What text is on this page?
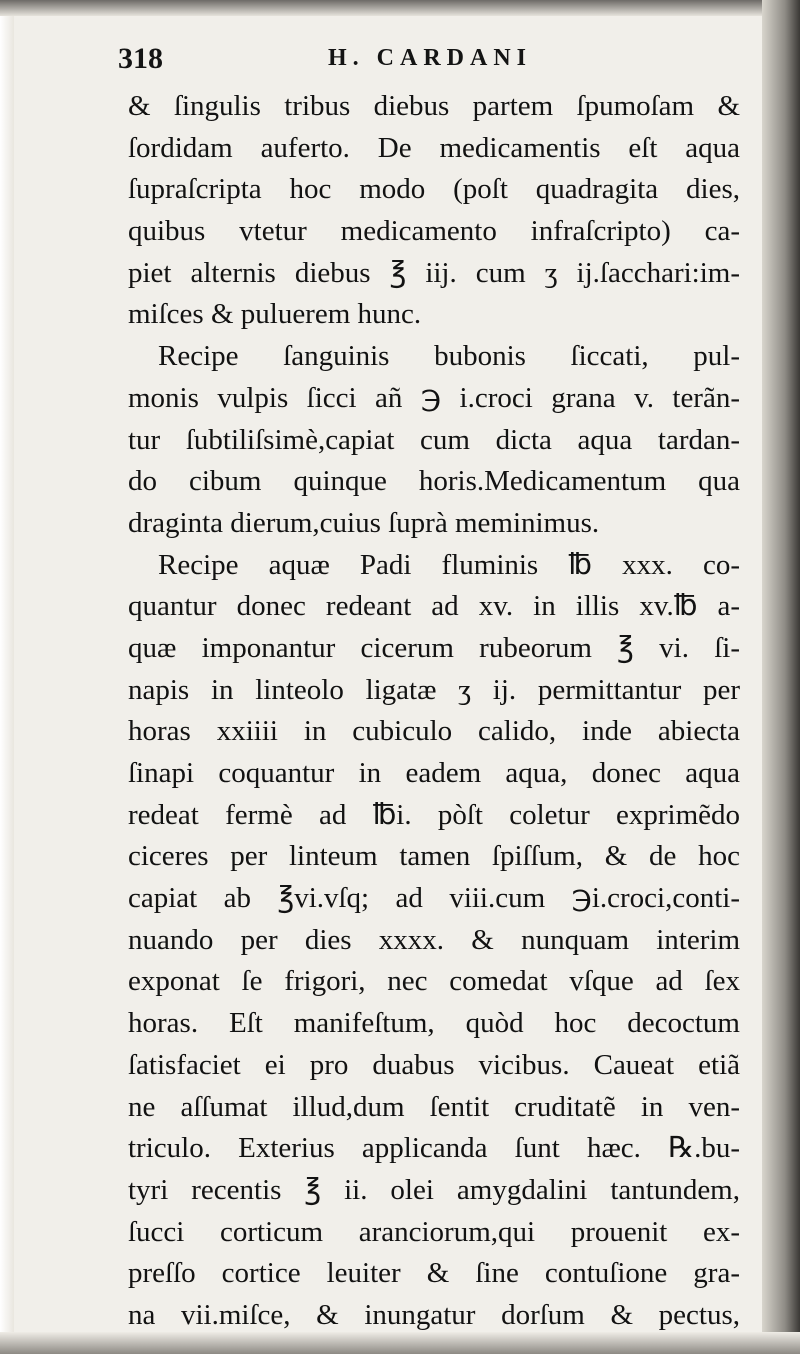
318	H. CARDANI
& ſingulis tribus diebus partem ſpumoſam &
ſordidam auferto. De medicamentis eſt aqua
ſupraſcripta hoc modo (poſt quadragita dies,
quibus vtetur medicamento infraſcripto) ca-
piet alternis diebus ℥ iij. cum ʒ ij.ſacchari:im-
miſces & puluerem hunc.
Recipe ſanguinis bubonis ſiccati, pul-
monis vulpis ſicci añ ℈ i.croci grana v. terãn-
tur ſubtiliſsimè,capiat cum dicta aqua tardan-
do cibum quinque horis.Medicamentum qua
draginta dierum,cuius ſuprà meminimus.
Recipe aquæ Padi fluminis ℔ xxx. co-
quantur donec redeant ad xv. in illis xv.℔ a-
quæ imponantur cicerum rubeorum ℥ vi. ſi-
napis in linteolo ligatæ ʒ ij. permittantur per
horas xxiiii in cubiculo calido, inde abiecta
ſinapi coquantur in eadem aqua, donec aqua
redeat fermè ad ℔i. pòſt coletur exprimẽdo
ciceres per linteum tamen ſpiſſum, & de hoc
capiat ab ℥vi.vſq; ad viii.cum ℈i.croci,conti-
nuando per dies xxxx. & nunquam interim
exponat ſe frigori, nec comedat vſque ad ſex
horas. Eſt manifeſtum, quòd hoc decoctum
ſatisfaciet ei pro duabus vicibus. Caueat etiã
ne aſſumat illud,dum ſentit cruditatẽ in ven-
triculo. Exterius applicanda ſunt hæc. ℞.bu-
tyri recentis ℥ ii. olei amygdalini tantundem,
ſucci corticum aranciorum,qui prouenit ex-
preſſo cortice leuiter & ſine contuſione gra-
na vii.miſce, & inungatur dorſum & pectus,
